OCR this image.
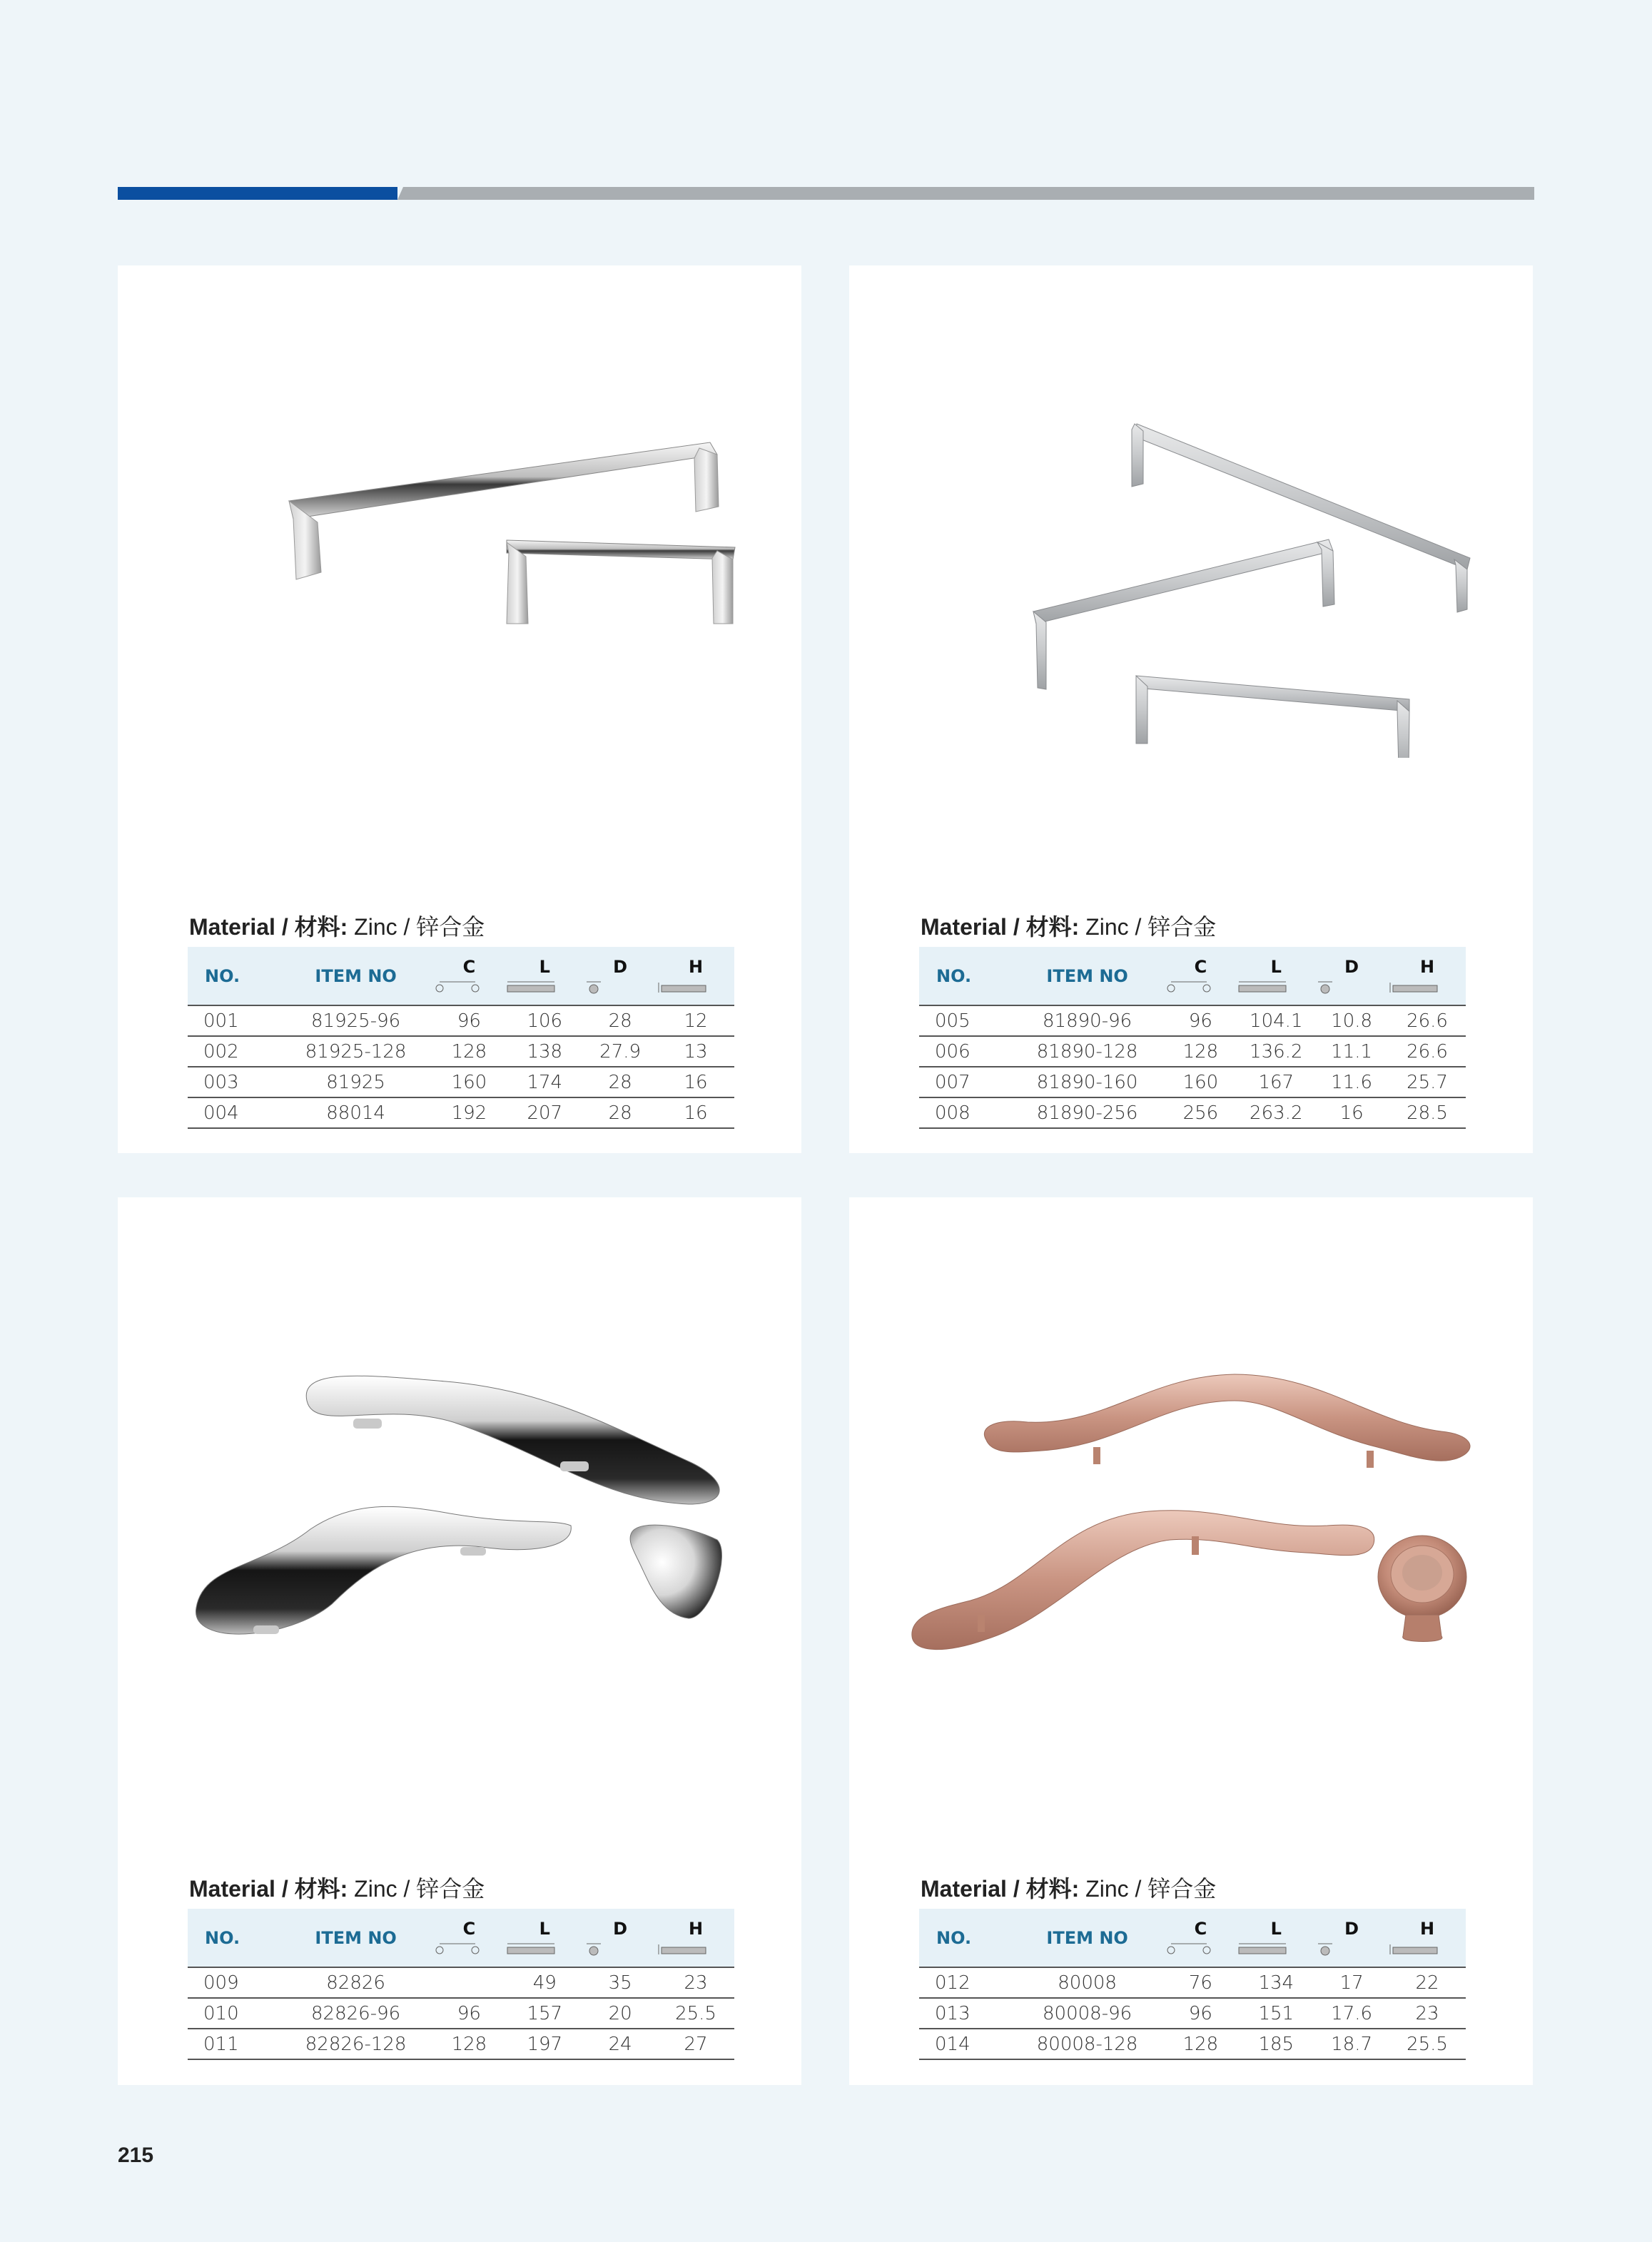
Material / 材料: Zinc / 锌合金
NO.	ITEM NO	C	L	D	H

001	81925-96	96	106	28	12
002	81925-128	128	138	27.9	13
003	81925	160	174	28	16
004	88014	192	207	28	16
Material / 材料: Zinc / 锌合金
NO.	ITEM NO	C	L	D	H

005	81890-96	96	104.1	10.8	26.6
006	81890-128	128	136.2	11.1	26.6
007	81890-160	160	167	11.6	25.7
008	81890-256	256	263.2	16	28.5
Material / 材料: Zinc / 锌合金
NO.	ITEM NO	C	L	D	H

009	82826		49	35	23
010	82826-96	96	157	20	25.5
011	82826-128	128	197	24	27
Material / 材料: Zinc / 锌合金
NO.	ITEM NO	C	L	D	H

012	80008	76	134	17	22
013	80008-96	96	151	17.6	23
014	80008-128	128	185	18.7	25.5
215
